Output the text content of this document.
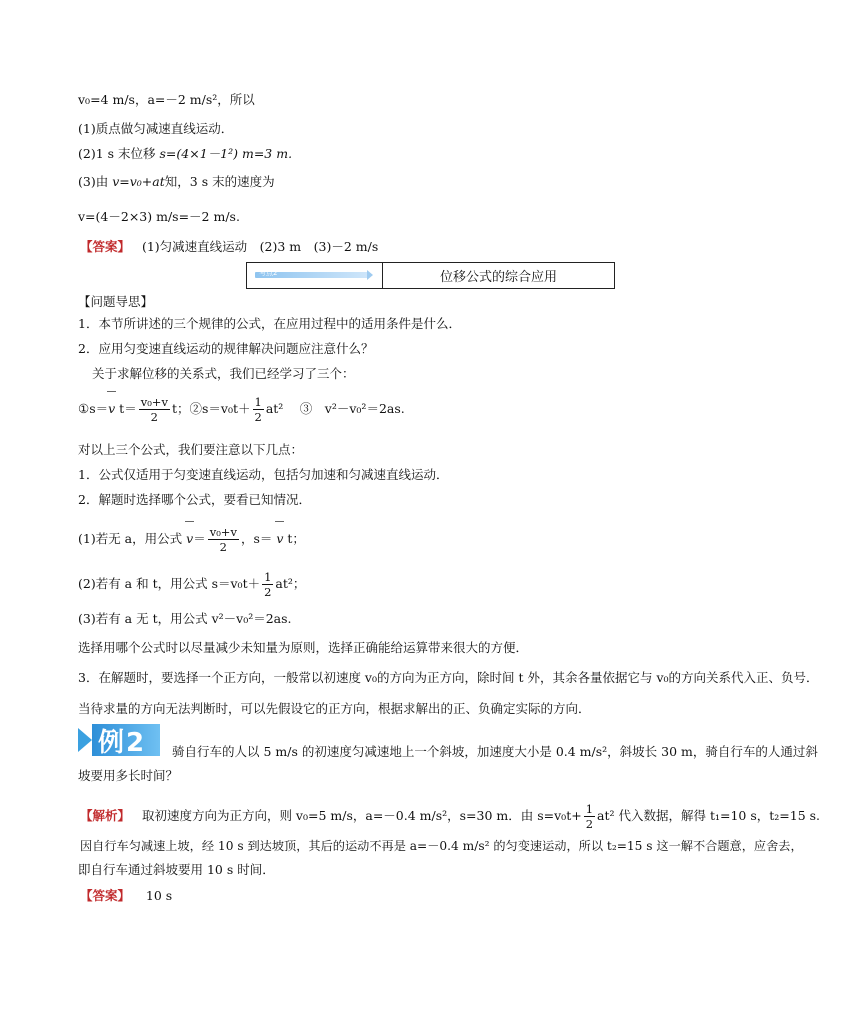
v₀=4 m/s，a=－2 m/s²，所以
(1)质点做匀减速直线运动．
(2)1 s 末位移 s=(4×1－1²) m=3 m.
(3)由 v=v₀+at知，3 s 末的速度为
v=(4－2×3) m/s=－2 m/s.
【答案】 (1)匀减速直线运动　(2)3 m　(3)－2 m/s
考点2	位移公式的综合应用
【问题导思】
1．本节所讲述的三个规律的公式，在应用过程中的适用条件是什么．
2．应用匀变速直线运动的规律解决问题应注意什么？
关于求解位移的关系式，我们已经学习了三个：
①s＝v $t= \frac{\text{v₀+v}}{2}$ t；②s＝v₀t＋ $\frac{1}{2} at^2$　 ③　v²－v₀²＝2as.
对以上三个公式，我们要注意以下几点：
1．公式仅适用于匀变速直线运动，包括匀加速和匀减速直线运动．
2．解题时选择哪个公式，要看已知情况．
(1)若无 a，用公式 $v= \frac{\text{v₀+v}}{2}$ ，s＝ v t；
(2)若有 a 和 t，用公式 $s=v_0t+ \frac{1}{2} at^2$；
(3)若有 a 无 t，用公式 v²－v₀²＝2as.
选择用哪个公式时以尽量减少未知量为原则，选择正确能给运算带来很大的方便．
3．在解题时，要选择一个正方向，一般常以初速度 v₀的方向为正方向，除时间 t 外，其余各量依据它与 v₀的方向关系代入正、负号．
当待求量的方向无法判断时，可以先假设它的正方向，根据求解出的正、负确定实际的方向．
例2 骑自行车的人以 5 m/s 的初速度匀减速地上一个斜坡，加速度大小是 0.4 m/s²，斜坡长 30 m，骑自行车的人通过斜
坡要用多长时间？
【解析】 取初速度方向为正方向，则 v₀=5 m/s，a=－0.4 m/s²，s=30 m．由 $s=v_0t+ \frac{1}{2} at^2$ 代入数据，解得 t₁=10 s，t₂=15 s.
因自行车匀减速上坡，经 10 s 到达坡顶，其后的运动不再是 a=－0.4 m/s² 的匀变速运动，所以 t₂=15 s 这一解不合题意，应舍去，
即自行车通过斜坡要用 10 s 时间．
【答案】 10 s
